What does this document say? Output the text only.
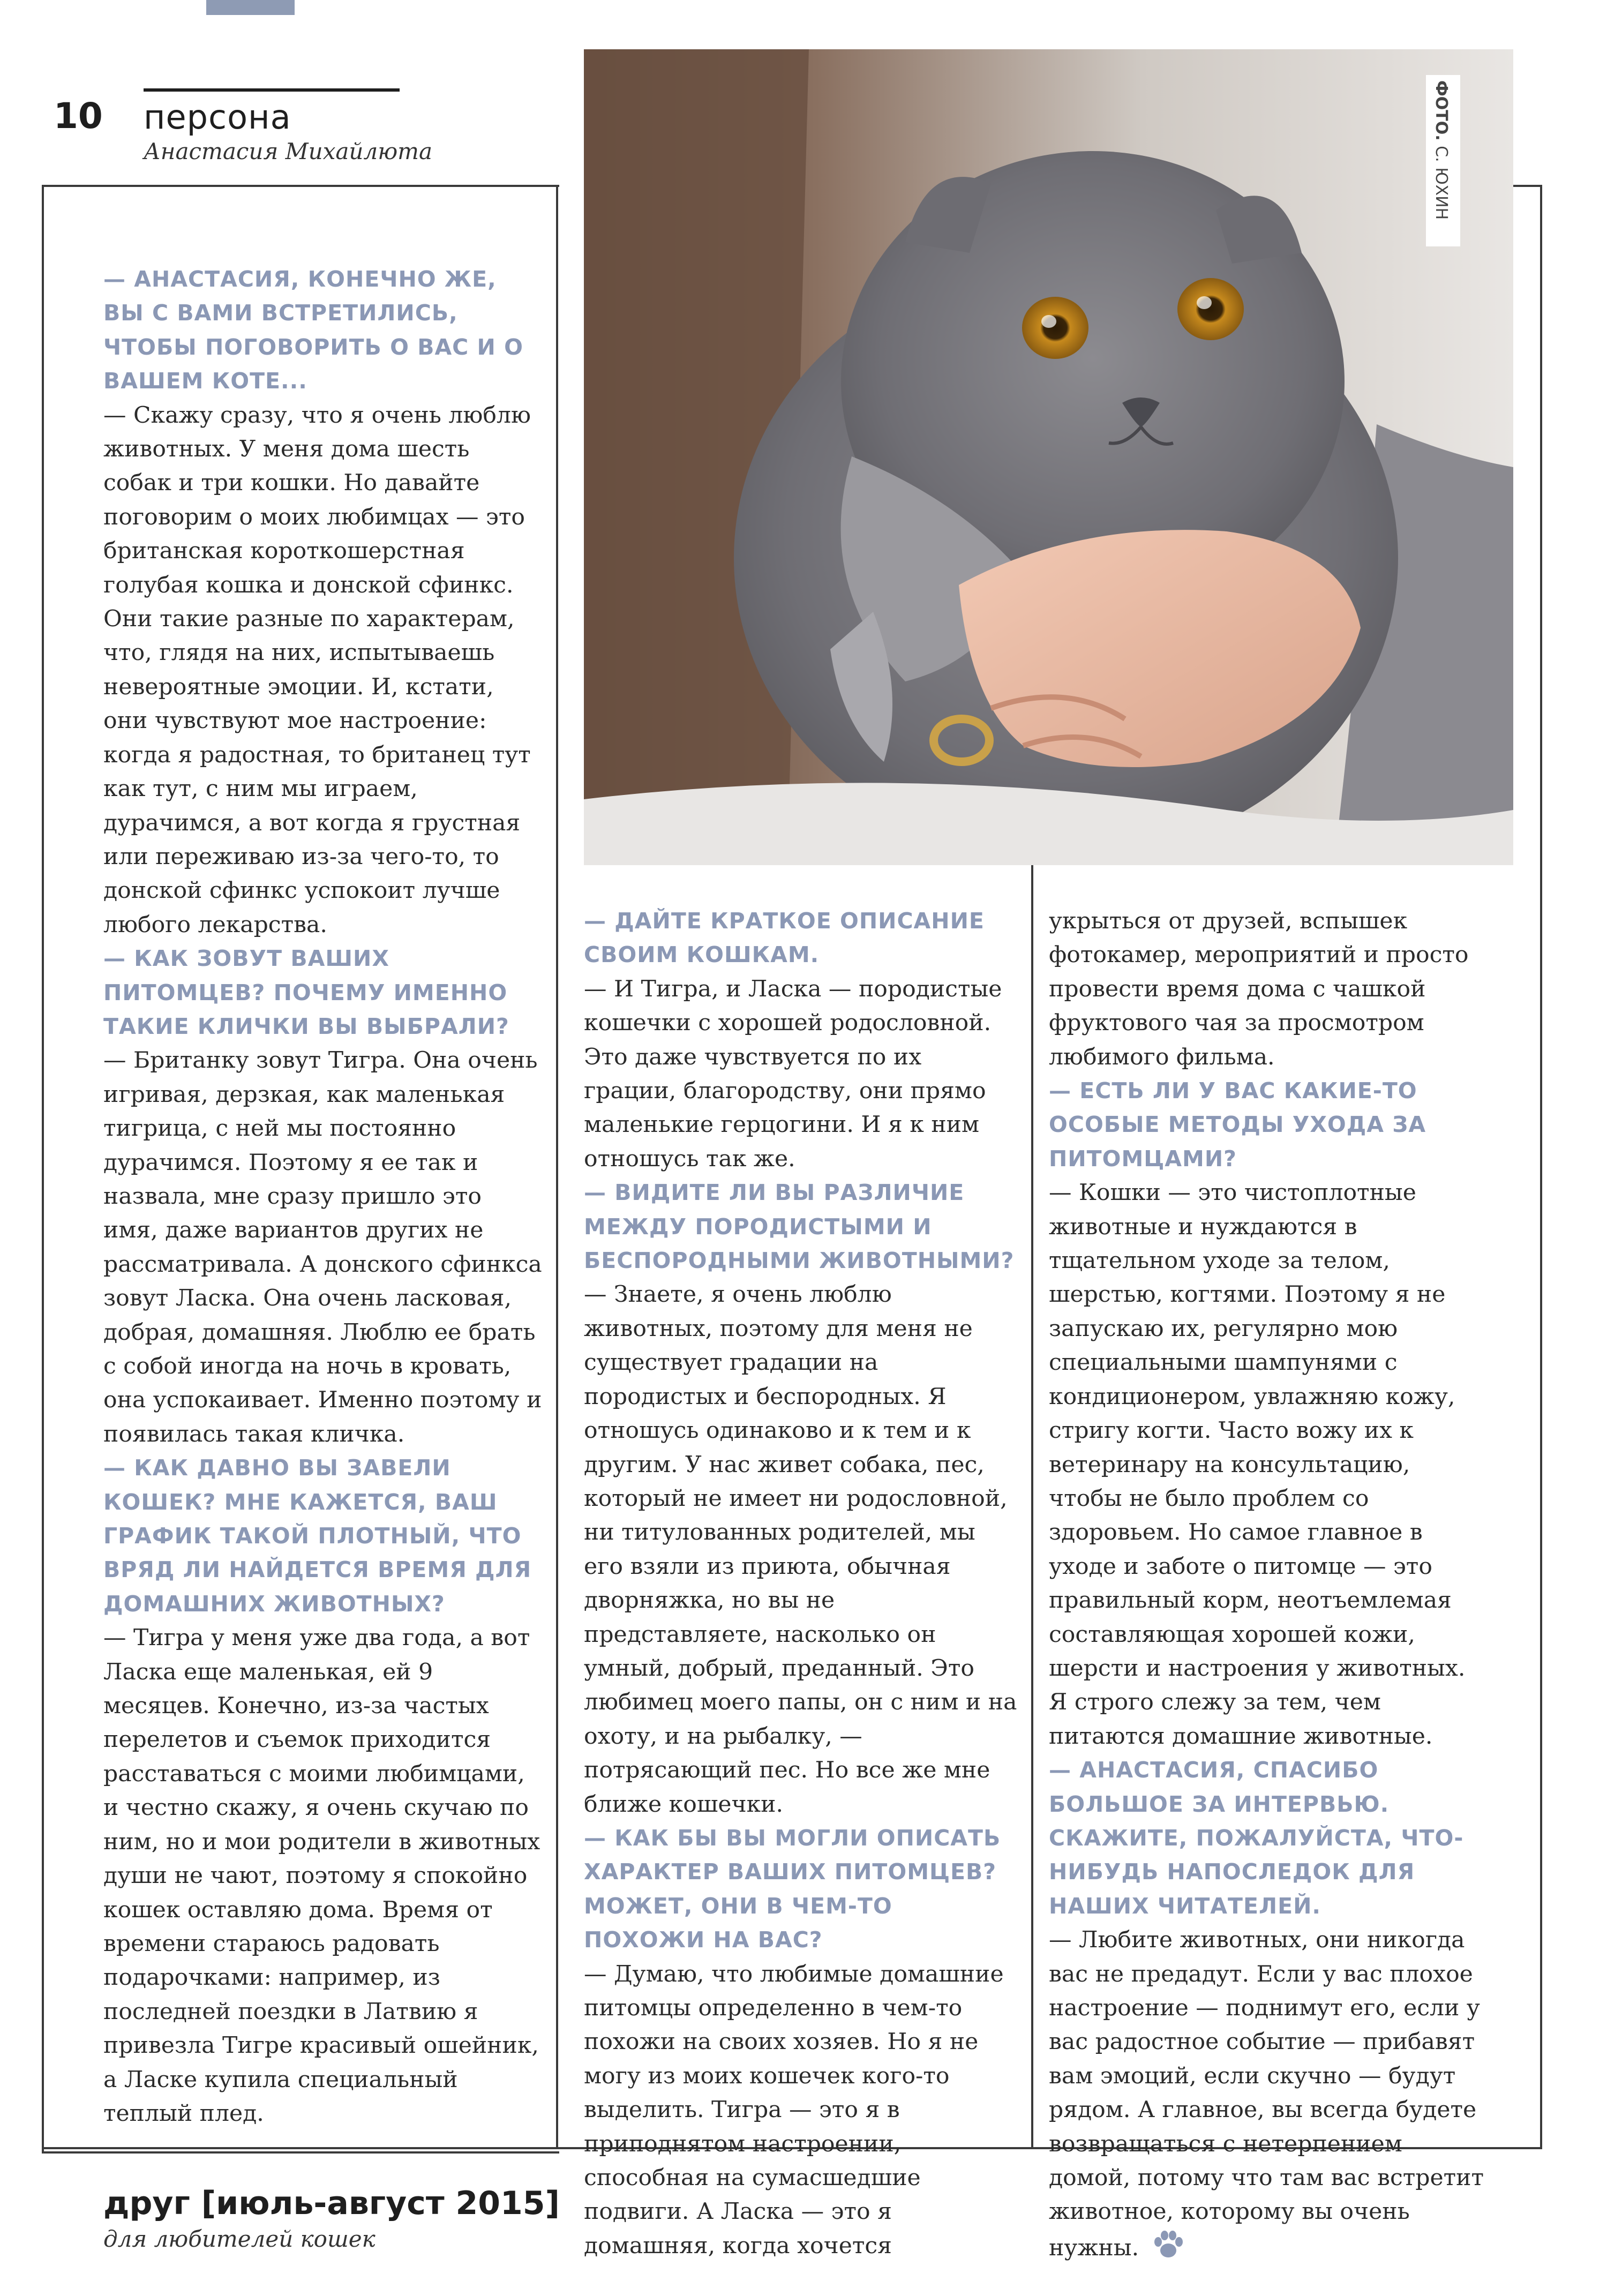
10 персона
Анастасия Михайлюта
ФОТО. С. ЮХИН
— АНАСТАСИЯ, КОНЕЧНО ЖЕ, ВЫ С ВАМИ ВСТРЕТИЛИСЬ, ЧТОБЫ ПОГОВОРИТЬ О ВАС И О ВАШЕМ КОТЕ...
— Скажу сразу, что я очень люблю животных. У меня дома шесть собак и три кошки. Но давайте поговорим о моих любимцах — это британская короткошерстная голубая кошка и донской сфинкс. Они такие разные по характерам, что, глядя на них, испытываешь невероятные эмоции. И, кстати, они чувствуют мое настроение: когда я радостная, то британец тут как тут, с ним мы играем, дурачимся, а вот когда я грустная или переживаю из-за чего-то, то донской сфинкс успокоит лучше любого лекарства.
— КАК ЗОВУТ ВАШИХ ПИТОМЦЕВ? ПОЧЕМУ ИМЕННО ТАКИЕ КЛИЧКИ ВЫ ВЫБРАЛИ?
— Британку зовут Тигра. Она очень игривая, дерзкая, как маленькая тигрица, с ней мы постоянно дурачимся. Поэтому я ее так и назвала, мне сразу пришло это имя, даже вариантов других не рассматривала. А донского сфинкса зовут Ласка. Она очень ласковая, добрая, домашняя. Люблю ее брать с собой иногда на ночь в кровать, она успокаивает. Именно поэтому и появилась такая кличка.
— КАК ДАВНО ВЫ ЗАВЕЛИ КОШЕК? МНЕ КАЖЕТСЯ, ВАШ ГРАФИК ТАКОЙ ПЛОТНЫЙ, ЧТО ВРЯД ЛИ НАЙДЕТСЯ ВРЕМЯ ДЛЯ ДОМАШНИХ ЖИВОТНЫХ?
— Тигра у меня уже два года, а вот Ласка еще маленькая, ей 9 месяцев. Конечно, из-за частых перелетов и съемок приходится расставаться с моими любимцами, и честно скажу, я очень скучаю по ним, но и мои родители в животных души не чают, поэтому я спокойно кошек оставляю дома. Время от времени стараюсь радовать подарочками: например, из последней поездки в Латвию я привезла Тигре красивый ошейник, а Ласке купила специальный теплый плед.
— ДАЙТЕ КРАТКОЕ ОПИСАНИЕ СВОИМ КОШКАМ.
— И Тигра, и Ласка — породистые кошечки с хорошей родословной. Это даже чувствуется по их грации, благородству, они прямо маленькие герцогини. И я к ним отношусь так же.
— ВИДИТЕ ЛИ ВЫ РАЗЛИЧИЕ МЕЖДУ ПОРОДИСТЫМИ И БЕСПОРОДНЫМИ ЖИВОТНЫМИ?
— Знаете, я очень люблю животных, поэтому для меня не существует градации на породистых и беспородных. Я отношусь одинаково и к тем и к другим. У нас живет собака, пес, который не имеет ни родословной, ни титулованных родителей, мы его взяли из приюта, обычная дворняжка, но вы не представляете, насколько он умный, добрый, преданный. Это любимец моего папы, он с ним и на охоту, и на рыбалку, — потрясающий пес. Но все же мне ближе кошечки.
— КАК БЫ ВЫ МОГЛИ ОПИСАТЬ ХАРАКТЕР ВАШИХ ПИТОМЦЕВ? МОЖЕТ, ОНИ В ЧЕМ-ТО ПОХОЖИ НА ВАС?
— Думаю, что любимые домашние питомцы определенно в чем-то похожи на своих хозяев. Но я не могу из моих кошечек кого-то выделить. Тигра — это я в приподнятом настроении, способная на сумасшедшие подвиги. А Ласка — это я домашняя, когда хочется
укрыться от друзей, вспышек фотокамер, мероприятий и просто провести время дома с чашкой фруктового чая за просмотром любимого фильма.
— ЕСТЬ ЛИ У ВАС КАКИЕ-ТО ОСОБЫЕ МЕТОДЫ УХОДА ЗА ПИТОМЦАМИ?
— Кошки — это чистоплотные животные и нуждаются в тщательном уходе за телом, шерстью, когтями. Поэтому я не запускаю их, регулярно мою специальными шампунями с кондиционером, увлажняю кожу, стригу когти. Часто вожу их к ветеринару на консультацию, чтобы не было проблем со здоровьем. Но самое главное в уходе и заботе о питомце — это правильный корм, неотъемлемая составляющая хорошей кожи, шерсти и настроения у животных. Я строго слежу за тем, чем питаются домашние животные.
— АНАСТАСИЯ, СПАСИБО БОЛЬШОЕ ЗА ИНТЕРВЬЮ. СКАЖИТЕ, ПОЖАЛУЙСТА, ЧТО-НИБУДЬ НАПОСЛЕДОК ДЛЯ НАШИХ ЧИТАТЕЛЕЙ.
— Любите животных, они никогда вас не предадут. Если у вас плохое настроение — поднимут его, если у вас радостное событие — прибавят вам эмоций, если скучно — будут рядом. А главное, вы всегда будете возвращаться с нетерпением домой, потому что там вас встретит животное, которому вы очень нужны.
друг [июль-август 2015]
для любителей кошек
